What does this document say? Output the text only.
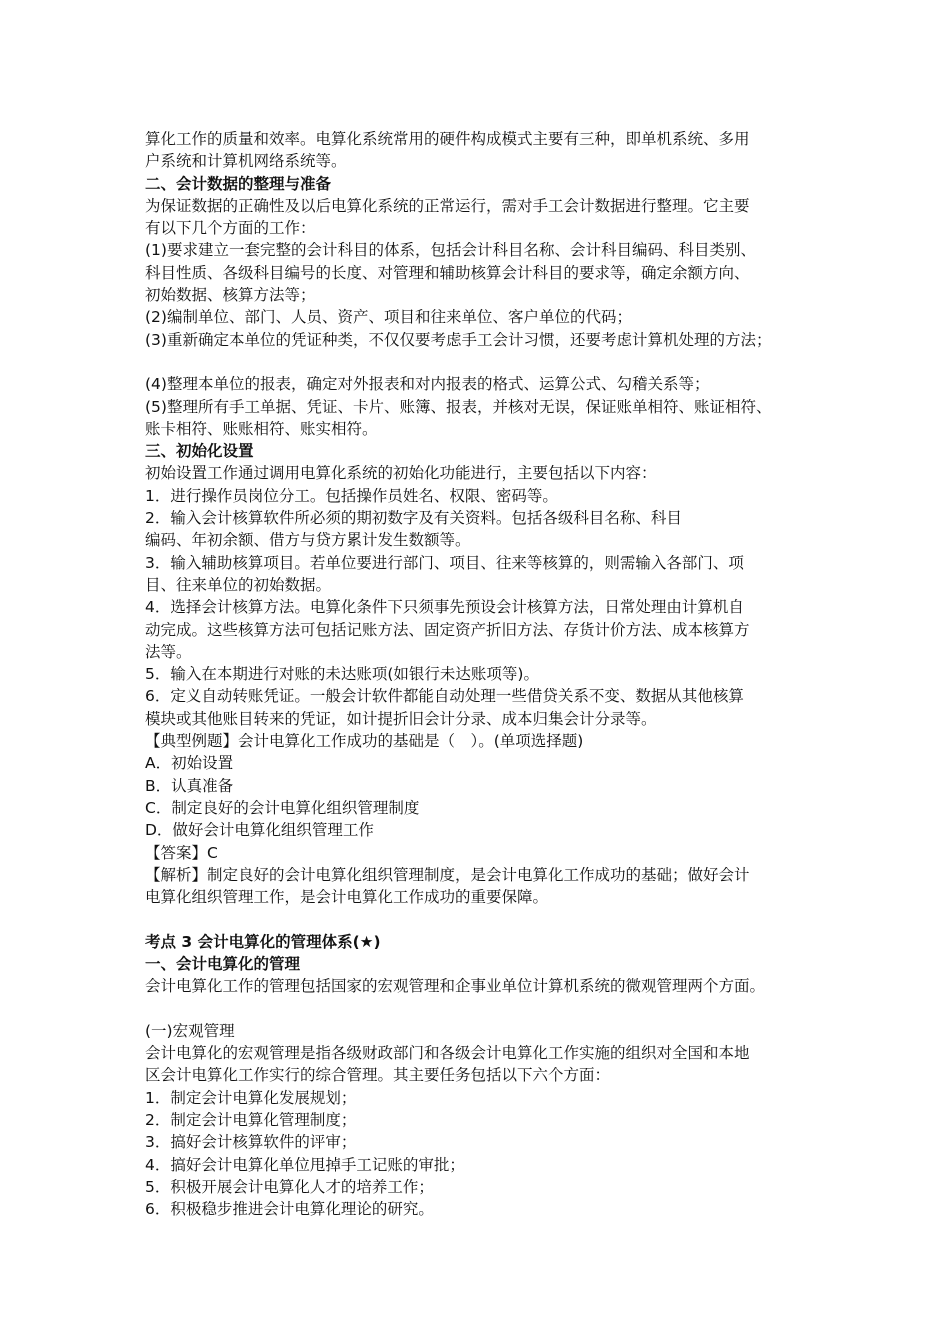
算化工作的质量和效率。电算化系统常用的硬件构成模式主要有三种，即单机系统、多用
户系统和计算机网络系统等。
二、会计数据的整理与准备
为保证数据的正确性及以后电算化系统的正常运行，需对手工会计数据进行整理。它主要
有以下几个方面的工作：
(1)要求建立一套完整的会计科目的体系，包括会计科目名称、会计科目编码、科目类别、
科目性质、各级科目编号的长度、对管理和辅助核算会计科目的要求等，确定余额方向、
初始数据、核算方法等；
(2)编制单位、部门、人员、资产、项目和往来单位、客户单位的代码；
(3)重新确定本单位的凭证种类，不仅仅要考虑手工会计习惯，还要考虑计算机处理的方法；
(4)整理本单位的报表，确定对外报表和对内报表的格式、运算公式、勾稽关系等；
(5)整理所有手工单据、凭证、卡片、账簿、报表，并核对无误，保证账单相符、账证相符、
账卡相符、账账相符、账实相符。
三、初始化设置
初始设置工作通过调用电算化系统的初始化功能进行，主要包括以下内容：
1．进行操作员岗位分工。包括操作员姓名、权限、密码等。
2．输入会计核算软件所必须的期初数字及有关资料。包括各级科目名称、科目
编码、年初余额、借方与贷方累计发生数额等。
3．输入辅助核算项目。若单位要进行部门、项目、往来等核算的，则需输入各部门、项
目、往来单位的初始数据。
4．选择会计核算方法。电算化条件下只须事先预设会计核算方法，日常处理由计算机自
动完成。这些核算方法可包括记账方法、固定资产折旧方法、存货计价方法、成本核算方
法等。
5．输入在本期进行对账的未达账项(如银行未达账项等)。
6．定义自动转账凭证。一般会计软件都能自动处理一些借贷关系不变、数据从其他核算
模块或其他账目转来的凭证，如计提折旧会计分录、成本归集会计分录等。
【典型例题】会计电算化工作成功的基础是（　）。(单项选择题)
A．初始设置
B．认真准备
C．制定良好的会计电算化组织管理制度
D．做好会计电算化组织管理工作
【答案】C
【解析】制定良好的会计电算化组织管理制度，是会计电算化工作成功的基础；做好会计
电算化组织管理工作，是会计电算化工作成功的重要保障。
考点 3 会计电算化的管理体系(★)
一、会计电算化的管理
会计电算化工作的管理包括国家的宏观管理和企事业单位计算机系统的微观管理两个方面。
(一)宏观管理
会计电算化的宏观管理是指各级财政部门和各级会计电算化工作实施的组织对全国和本地
区会计电算化工作实行的综合管理。其主要任务包括以下六个方面：
1．制定会计电算化发展规划；
2．制定会计电算化管理制度；
3．搞好会计核算软件的评审；
4．搞好会计电算化单位甩掉手工记账的审批；
5．积极开展会计电算化人才的培养工作；
6．积极稳步推进会计电算化理论的研究。
